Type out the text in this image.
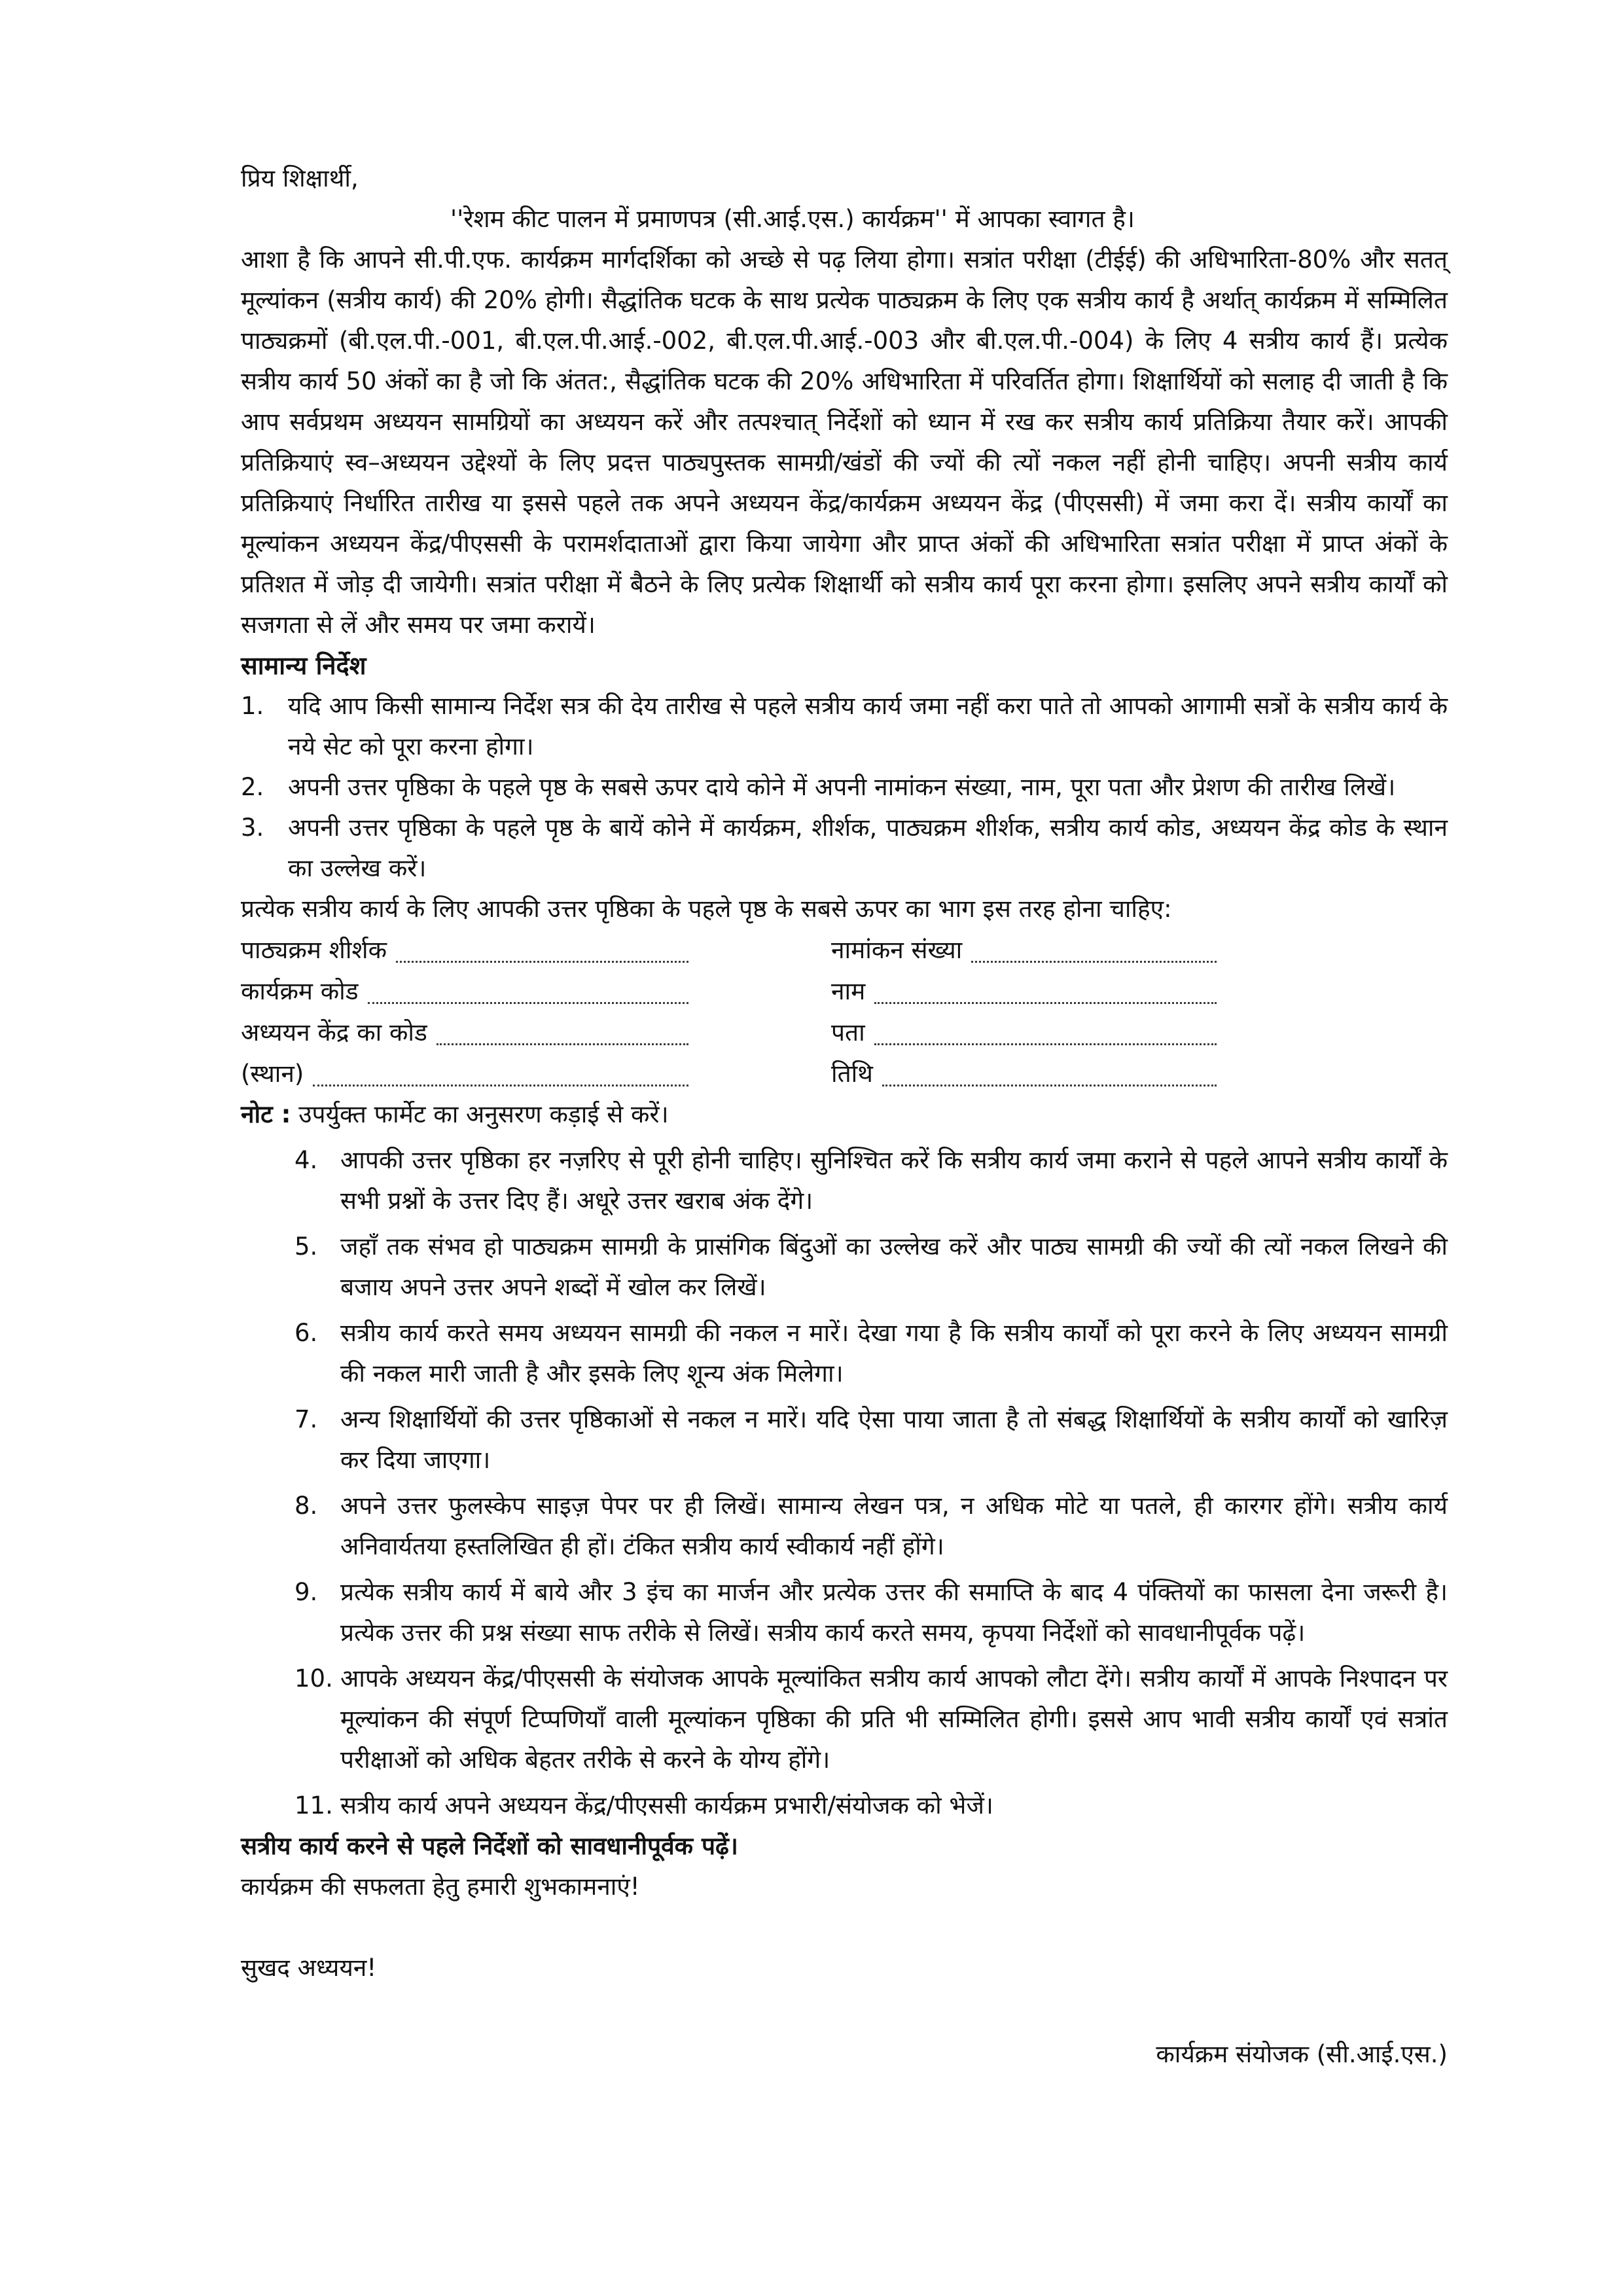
प्रिय शिक्षार्थी,

''रेशम कीट पालन में प्रमाणपत्र (सी.आई.एस.) कार्यक्रम'' में आपका स्वागत है।

आशा है कि आपने सी.पी.एफ. कार्यक्रम मार्गदर्शिका को अच्छे से पढ़ लिया होगा। सत्रांत परीक्षा (टीईई) की अधिभारिता-80% और सतत् मूल्यांकन (सत्रीय कार्य) की 20% होगी। सैद्धांतिक घटक के साथ प्रत्येक पाठ्यक्रम के लिए एक सत्रीय कार्य है अर्थात् कार्यक्रम में सम्मिलित पाठ्यक्रमों (बी.एल.पी.-001, बी.एल.पी.आई.-002, बी.एल.पी.आई.-003 और बी.एल.पी.-004) के लिए 4 सत्रीय कार्य हैं। प्रत्येक सत्रीय कार्य 50 अंकों का है जो कि अंतत:, सैद्धांतिक घटक की 20% अधिभारिता में परिवर्तित होगा। शिक्षार्थियों को सलाह दी जाती है कि आप सर्वप्रथम अध्ययन सामग्रियों का अध्ययन करें और तत्पश्चात् निर्देशों को ध्यान में रख कर सत्रीय कार्य प्रतिक्रिया तैयार करें। आपकी प्रतिक्रियाएं स्व–अध्ययन उद्देश्यों के लिए प्रदत्त पाठ्यपुस्तक सामग्री/खंडों की ज्यों की त्यों नकल नहीं होनी चाहिए। अपनी सत्रीय कार्य प्रतिक्रियाएं निर्धारित तारीख या इससे पहले तक अपने अध्ययन केंद्र/कार्यक्रम अध्ययन केंद्र (पीएससी) में जमा करा दें। सत्रीय कार्यों का मूल्यांकन अध्ययन केंद्र/पीएससी के परामर्शदाताओं द्वारा किया जायेगा और प्राप्त अंकों की अधिभारिता सत्रांत परीक्षा में प्राप्त अंकों के प्रतिशत में जोड़ दी जायेगी। सत्रांत परीक्षा में बैठने के लिए प्रत्येक शिक्षार्थी को सत्रीय कार्य पूरा करना होगा। इसलिए अपने सत्रीय कार्यों को सजगता से लें और समय पर जमा करायें।

सामान्य निर्देश

1. यदि आप किसी सामान्य निर्देश सत्र की देय तारीख से पहले सत्रीय कार्य जमा नहीं करा पाते तो आपको आगामी सत्रों के सत्रीय कार्य के नये सेट को पूरा करना होगा।
2. अपनी उत्तर पृष्ठिका के पहले पृष्ठ के सबसे ऊपर दाये कोने में अपनी नामांकन संख्या, नाम, पूरा पता और प्रेशण की तारीख लिखें।
3. अपनी उत्तर पृष्ठिका के पहले पृष्ठ के बायें कोने में कार्यक्रम, शीर्शक, पाठ्यक्रम शीर्शक, सत्रीय कार्य कोड, अध्ययन केंद्र कोड के स्थान का उल्लेख करें।

प्रत्येक सत्रीय कार्य के लिए आपकी उत्तर पृष्ठिका के पहले पृष्ठ के सबसे ऊपर का भाग इस तरह होना चाहिए:

पाठ्यक्रम शीर्शक	नामांकन संख्या
कार्यक्रम कोड	नाम
अध्ययन केंद्र का कोड	पता
(स्थान)	तिथि

नोट : उपर्युक्त फार्मेट का अनुसरण कड़ाई से करें।

4. आपकी उत्तर पृष्ठिका हर नज़रिए से पूरी होनी चाहिए। सुनिश्चित करें कि सत्रीय कार्य जमा कराने से पहले आपने सत्रीय कार्यों के सभी प्रश्नों के उत्तर दिए हैं। अधूरे उत्तर खराब अंक देंगे।
5. जहाँ तक संभव हो पाठ्यक्रम सामग्री के प्रासंगिक बिंदुओं का उल्लेख करें और पाठ्य सामग्री की ज्यों की त्यों नकल लिखने की बजाय अपने उत्तर अपने शब्दों में खोल कर लिखें।
6. सत्रीय कार्य करते समय अध्ययन सामग्री की नकल न मारें। देखा गया है कि सत्रीय कार्यों को पूरा करने के लिए अध्ययन सामग्री की नकल मारी जाती है और इसके लिए शून्य अंक मिलेगा।
7. अन्य शिक्षार्थियों की उत्तर पृष्ठिकाओं से नकल न मारें। यदि ऐसा पाया जाता है तो संबद्ध शिक्षार्थियों के सत्रीय कार्यों को खारिज़ कर दिया जाएगा।
8. अपने उत्तर फुलस्केप साइज़ पेपर पर ही लिखें। सामान्य लेखन पत्र, न अधिक मोटे या पतले, ही कारगर होंगे। सत्रीय कार्य अनिवार्यतया हस्तलिखित ही हों। टंकित सत्रीय कार्य स्वीकार्य नहीं होंगे।
9. प्रत्येक सत्रीय कार्य में बाये और 3 इंच का मार्जन और प्रत्येक उत्तर की समाप्ति के बाद 4 पंक्तियों का फासला देना जरूरी है। प्रत्येक उत्तर की प्रश्न संख्या साफ तरीके से लिखें। सत्रीय कार्य करते समय, कृपया निर्देशों को सावधानीपूर्वक पढ़ें।
10. आपके अध्ययन केंद्र/पीएससी के संयोजक आपके मूल्यांकित सत्रीय कार्य आपको लौटा देंगे। सत्रीय कार्यों में आपके निश्पादन पर मूल्यांकन की संपूर्ण टिप्पणियाँ वाली मूल्यांकन पृष्ठिका की प्रति भी सम्मिलित होगी। इससे आप भावी सत्रीय कार्यों एवं सत्रांत परीक्षाओं को अधिक बेहतर तरीके से करने के योग्य होंगे।
11. सत्रीय कार्य अपने अध्ययन केंद्र/पीएससी कार्यक्रम प्रभारी/संयोजक को भेजें।

सत्रीय कार्य करने से पहले निर्देशों को सावधानीपूर्वक पढ़ें।

कार्यक्रम की सफलता हेतु हमारी शुभकामनाएं!

सुखद अध्ययन!

कार्यक्रम संयोजक (सी.आई.एस.)
